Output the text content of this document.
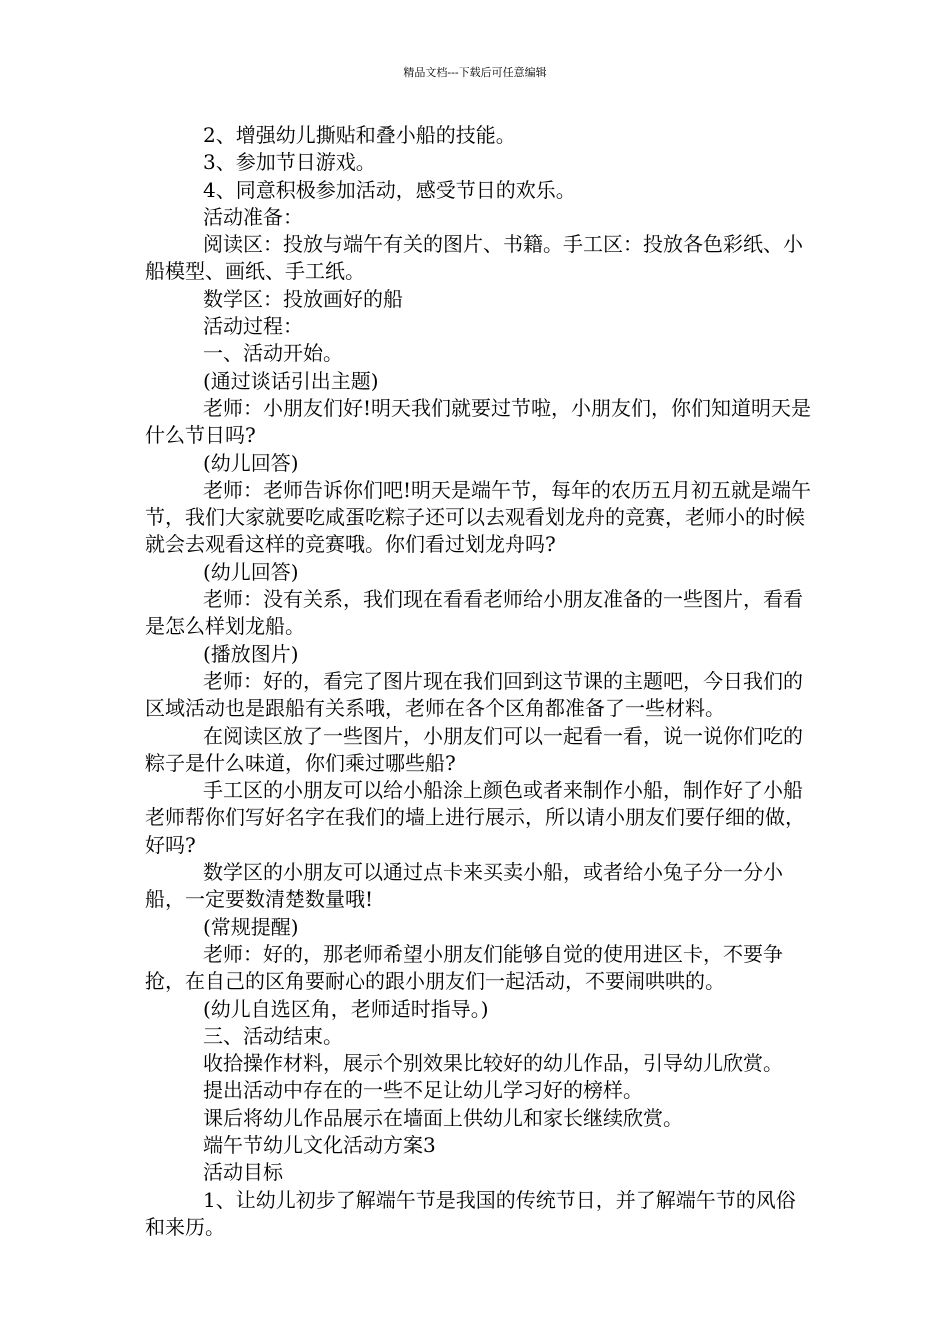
精品文档---下载后可任意编辑

2、增强幼儿撕贴和叠小船的技能。

3、参加节日游戏。

4、同意积极参加活动，感受节日的欢乐。

活动准备：

阅读区：投放与端午有关的图片、书籍。手工区：投放各色彩纸、小船模型、画纸、手工纸。

数学区：投放画好的船

活动过程：

一、活动开始。

(通过谈话引出主题)

老师：小朋友们好!明天我们就要过节啦，小朋友们，你们知道明天是什么节日吗?

(幼儿回答)

老师：老师告诉你们吧!明天是端午节，每年的农历五月初五就是端午节，我们大家就要吃咸蛋吃粽子还可以去观看划龙舟的竞赛，老师小的时候就会去观看这样的竞赛哦。你们看过划龙舟吗?

(幼儿回答)

老师：没有关系，我们现在看看老师给小朋友准备的一些图片，看看是怎么样划龙船。

(播放图片)

老师：好的，看完了图片现在我们回到这节课的主题吧，今日我们的区域活动也是跟船有关系哦，老师在各个区角都准备了一些材料。

在阅读区放了一些图片，小朋友们可以一起看一看，说一说你们吃的粽子是什么味道，你们乘过哪些船?

手工区的小朋友可以给小船涂上颜色或者来制作小船，制作好了小船老师帮你们写好名字在我们的墙上进行展示，所以请小朋友们要仔细的做，好吗?

数学区的小朋友可以通过点卡来买卖小船，或者给小兔子分一分小船，一定要数清楚数量哦!

(常规提醒)

老师：好的，那老师希望小朋友们能够自觉的使用进区卡，不要争抢，在自己的区角要耐心的跟小朋友们一起活动，不要闹哄哄的。

(幼儿自选区角，老师适时指导。)

三、活动结束。

收拾操作材料，展示个别效果比较好的幼儿作品，引导幼儿欣赏。

提出活动中存在的一些不足让幼儿学习好的榜样。

课后将幼儿作品展示在墙面上供幼儿和家长继续欣赏。

端午节幼儿文化活动方案3

活动目标

1、让幼儿初步了解端午节是我国的传统节日，并了解端午节的风俗和来历。
